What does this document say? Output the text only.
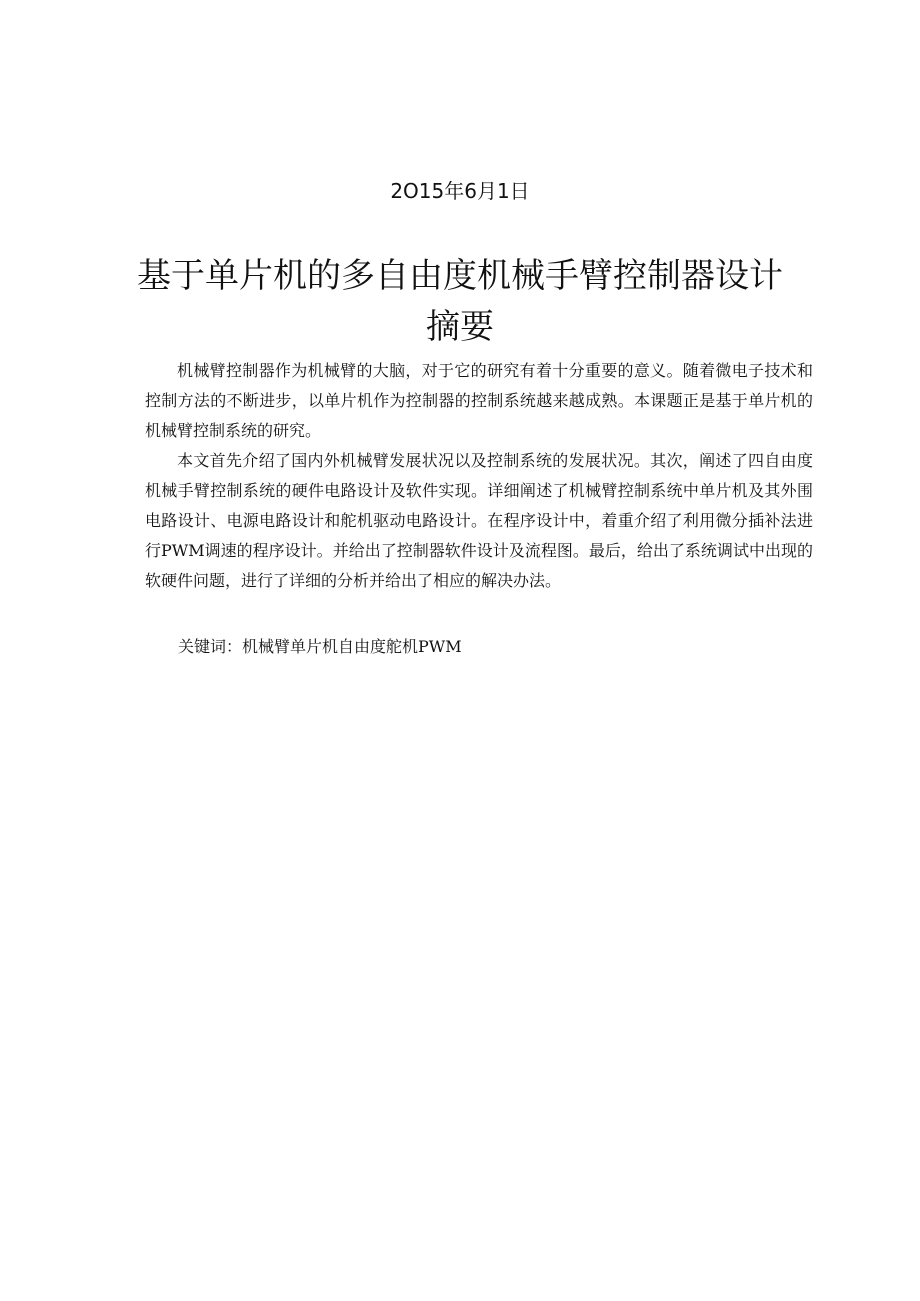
2O15年6月1日
基于单片机的多自由度机械手臂控制器设计
摘要

机械臂控制器作为机械臂的大脑，对于它的研究有着十分重要的意义。随着微电子技术和控制方法的不断进步，以单片机作为控制器的控制系统越来越成熟。本课题正是基于单片机的机械臂控制系统的研究。

本文首先介绍了国内外机械臂发展状况以及控制系统的发展状况。其次，阐述了四自由度机械手臂控制系统的硬件电路设计及软件实现。详细阐述了机械臂控制系统中单片机及其外围电路设计、电源电路设计和舵机驱动电路设计。在程序设计中，着重介绍了利用微分插补法进行PWM调速的程序设计。并给出了控制器软件设计及流程图。最后，给出了系统调试中出现的软硬件问题，进行了详细的分析并给出了相应的解决办法。

关键词：机械臂单片机自由度舵机PWM
